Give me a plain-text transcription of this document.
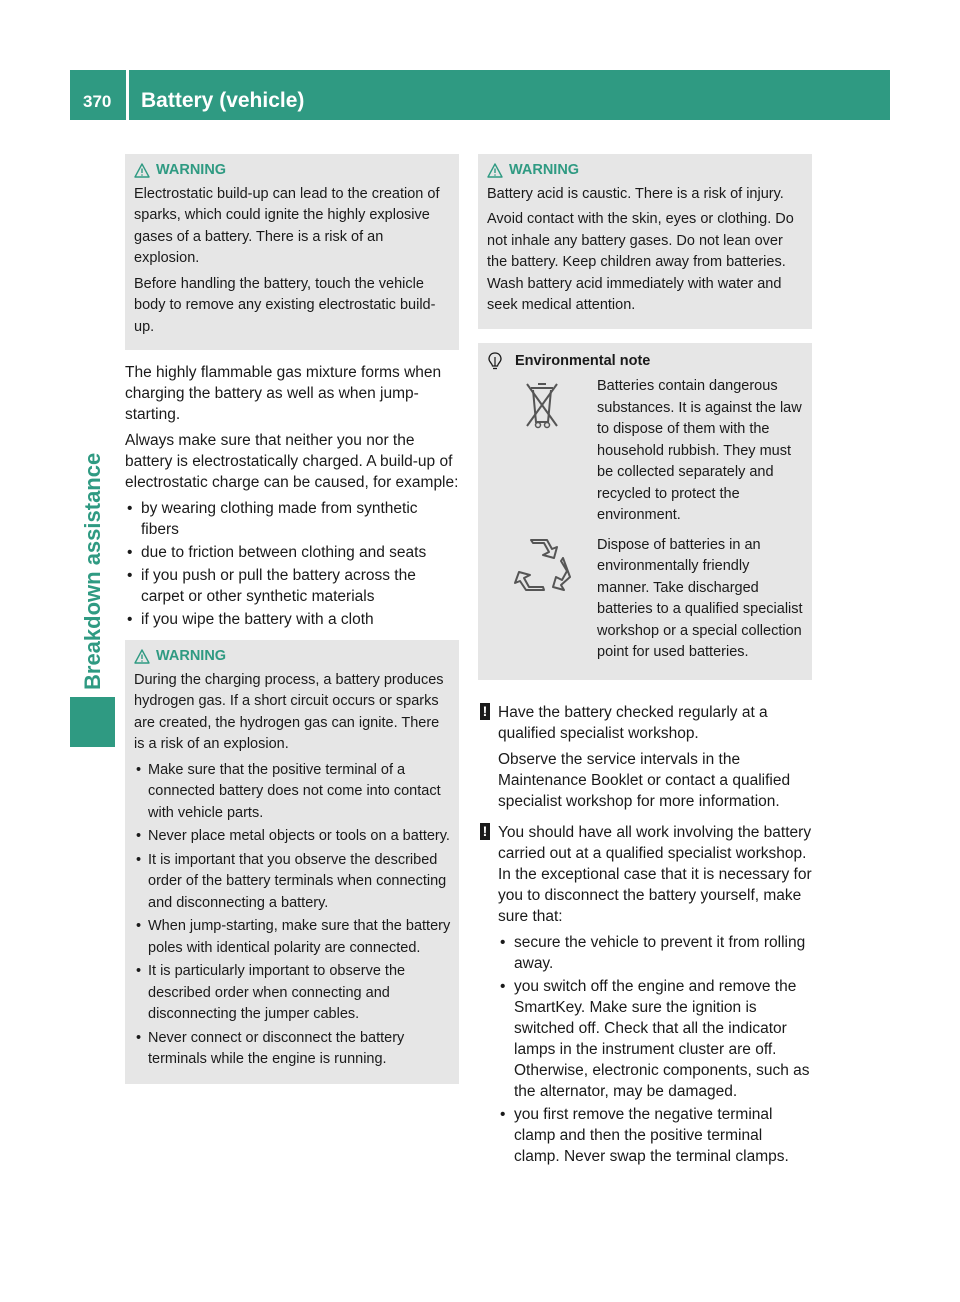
370	Battery (vehicle)
Breakdown assistance
WARNING

Electrostatic build-up can lead to the creation of sparks, which could ignite the highly explosive gases of a battery. There is a risk of an explosion.

Before handling the battery, touch the vehicle body to remove any existing electrostatic build-up.

The highly flammable gas mixture forms when charging the battery as well as when jump-starting.

Always make sure that neither you nor the battery is electrostatically charged. A build-up of electrostatic charge can be caused, for example:

• by wearing clothing made from synthetic fibers
• due to friction between clothing and seats
• if you push or pull the battery across the carpet or other synthetic materials
• if you wipe the battery with a cloth
WARNING

During the charging process, a battery produces hydrogen gas. If a short circuit occurs or sparks are created, the hydrogen gas can ignite. There is a risk of an explosion.

• Make sure that the positive terminal of a connected battery does not come into contact with vehicle parts.
• Never place metal objects or tools on a battery.
• It is important that you observe the described order of the battery terminals when connecting and disconnecting a battery.
• When jump-starting, make sure that the battery poles with identical polarity are connected.
• It is particularly important to observe the described order when connecting and disconnecting the jumper cables.
• Never connect or disconnect the battery terminals while the engine is running.
WARNING

Battery acid is caustic. There is a risk of injury.

Avoid contact with the skin, eyes or clothing. Do not inhale any battery gases. Do not lean over the battery. Keep children away from batteries. Wash battery acid immediately with water and seek medical attention.

Environmental note
Batteries contain dangerous substances. It is against the law to dispose of them with the household rubbish. They must be collected separately and recycled to protect the environment.
Dispose of batteries in an environmentally friendly manner. Take discharged batteries to a qualified specialist workshop or a special collection point for used batteries.
! Have the battery checked regularly at a qualified specialist workshop.

Observe the service intervals in the Maintenance Booklet or contact a qualified specialist workshop for more information.

! You should have all work involving the battery carried out at a qualified specialist workshop. In the exceptional case that it is necessary for you to disconnect the battery yourself, make sure that:

• secure the vehicle to prevent it from rolling away.
• you switch off the engine and remove the SmartKey. Make sure the ignition is switched off. Check that all the indicator lamps in the instrument cluster are off. Otherwise, electronic components, such as the alternator, may be damaged.
• you first remove the negative terminal clamp and then the positive terminal clamp. Never swap the terminal clamps.
